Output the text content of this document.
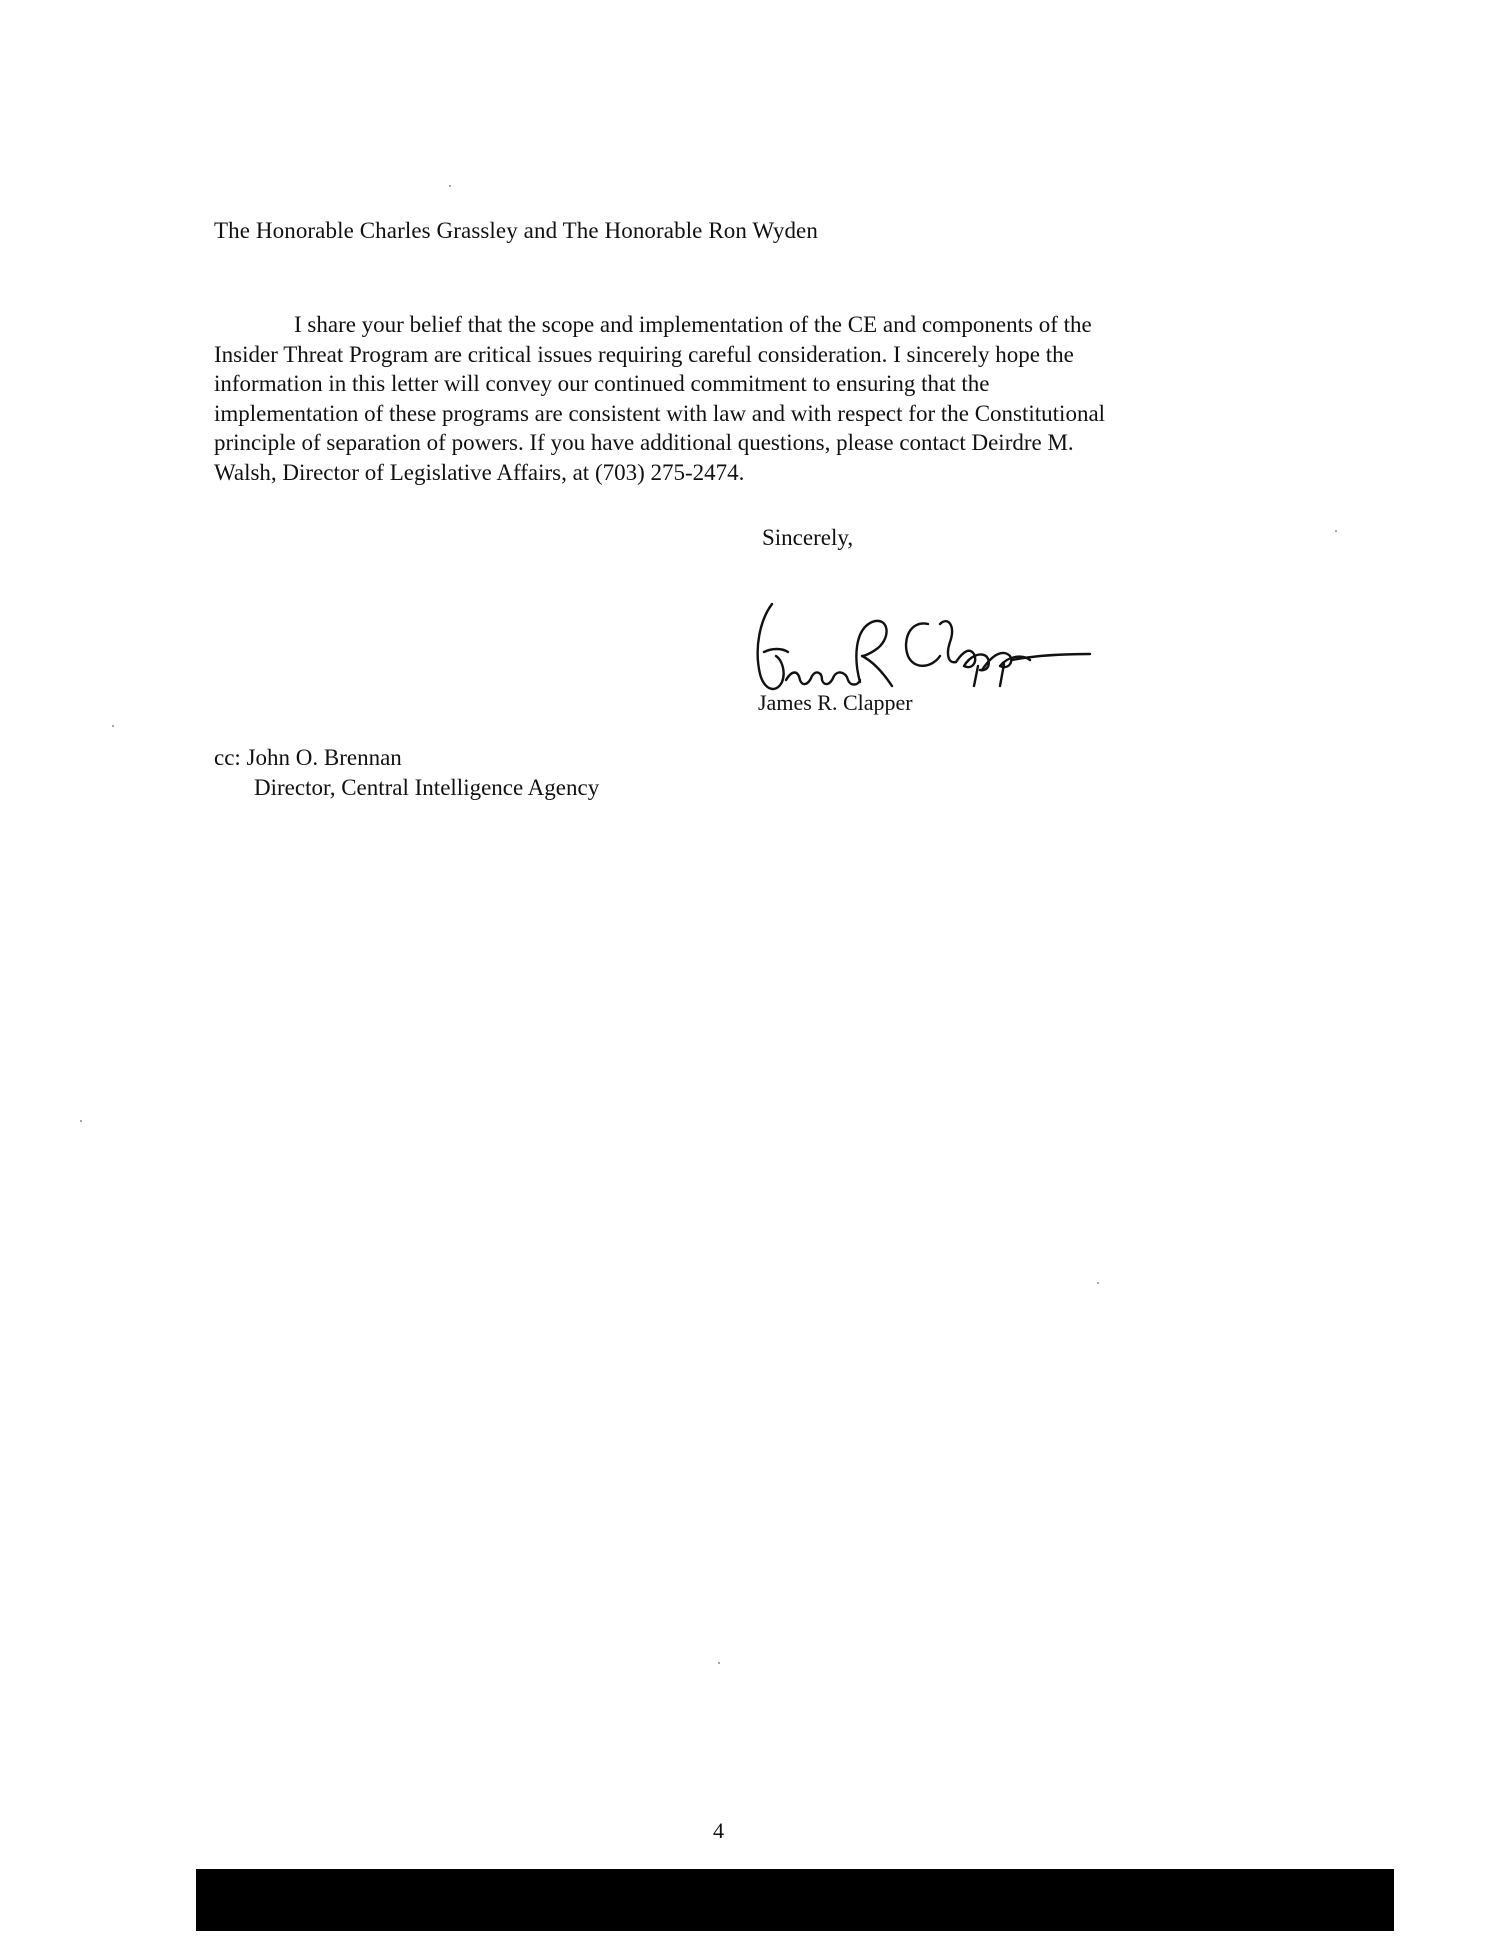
The Honorable Charles Grassley and The Honorable Ron Wyden
I share your belief that the scope and implementation of the CE and components of the
Insider Threat Program are critical issues requiring careful consideration. I sincerely hope the
information in this letter will convey our continued commitment to ensuring that the
implementation of these programs are consistent with law and with respect for the Constitutional
principle of separation of powers. If you have additional questions, please contact Deirdre M.
Walsh, Director of Legislative Affairs, at (703) 275-2474.
Sincerely,
James R. Clapper
cc: John O. Brennan
Director, Central Intelligence Agency
4
